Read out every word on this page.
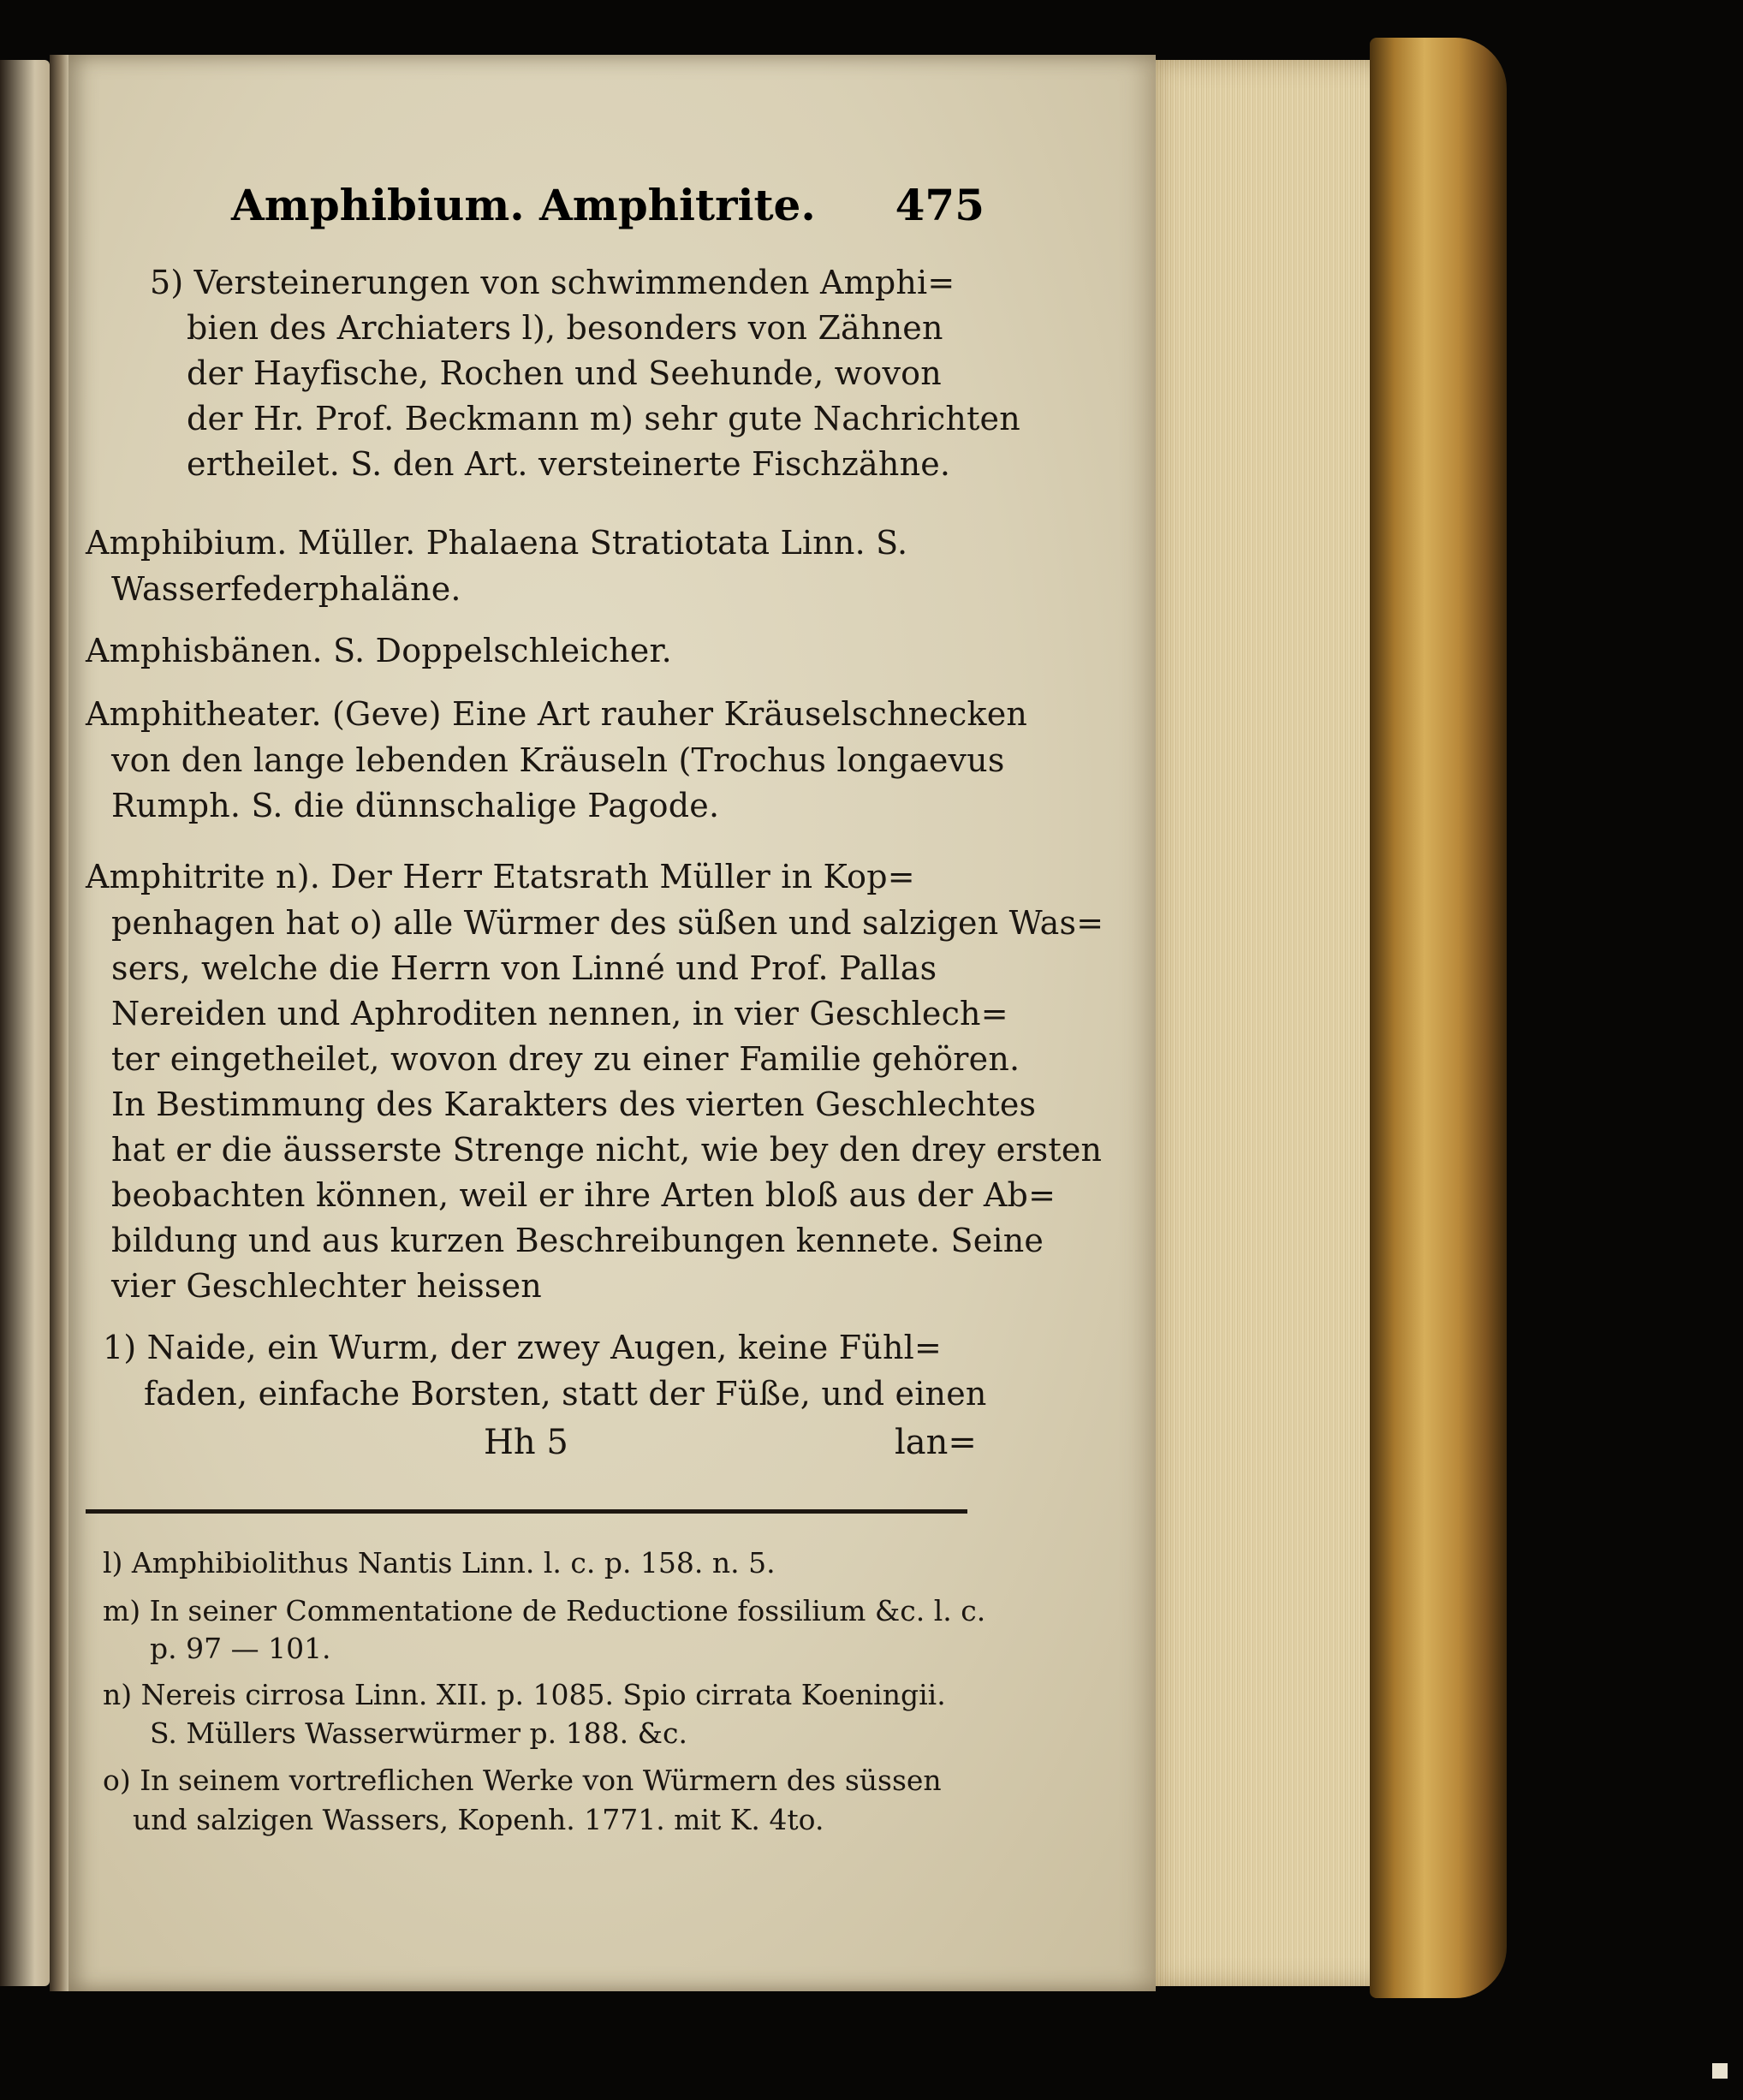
Amphibium. Amphitrite. 475
5) Versteinerungen von schwimmenden Amphi=
bien des Archiaters l), besonders von Zähnen
der Hayfische, Rochen und Seehunde, wovon
der Hr. Prof. Beckmann m) sehr gute Nachrichten
ertheilet. S. den Art. versteinerte Fischzähne.
Amphibium. Müller. Phalaena Stratiotata Linn. S.
Wasserfederphaläne.
Amphisbänen. S. Doppelschleicher.
Amphitheater. (Geve) Eine Art rauher Kräuselschnecken
von den lange lebenden Kräuseln (Trochus longaevus
Rumph. S. die dünnschalige Pagode.
Amphitrite n). Der Herr Etatsrath Müller in Kop=
penhagen hat o) alle Würmer des süßen und salzigen Was=
sers, welche die Herrn von Linné und Prof. Pallas
Nereiden und Aphroditen nennen, in vier Geschlech=
ter eingetheilet, wovon drey zu einer Familie gehören.
In Bestimmung des Karakters des vierten Geschlechtes
hat er die äusserste Strenge nicht, wie bey den drey ersten
beobachten können, weil er ihre Arten bloß aus der Ab=
bildung und aus kurzen Beschreibungen kennete. Seine
vier Geschlechter heissen
1) Naide, ein Wurm, der zwey Augen, keine Fühl=
faden, einfache Borsten, statt der Füße, und einen
Hh 5	lan=
l) Amphibiolithus Nantis Linn. l. c. p. 158. n. 5.
m) In seiner Commentatione de Reductione fossilium &c. l. c.
p. 97 — 101.
n) Nereis cirrosa Linn. XII. p. 1085. Spio cirrata Koeningii.
S. Müllers Wasserwürmer p. 188. &c.
o) In seinem vortreflichen Werke von Würmern des süssen
und salzigen Wassers, Kopenh. 1771. mit K. 4to.
